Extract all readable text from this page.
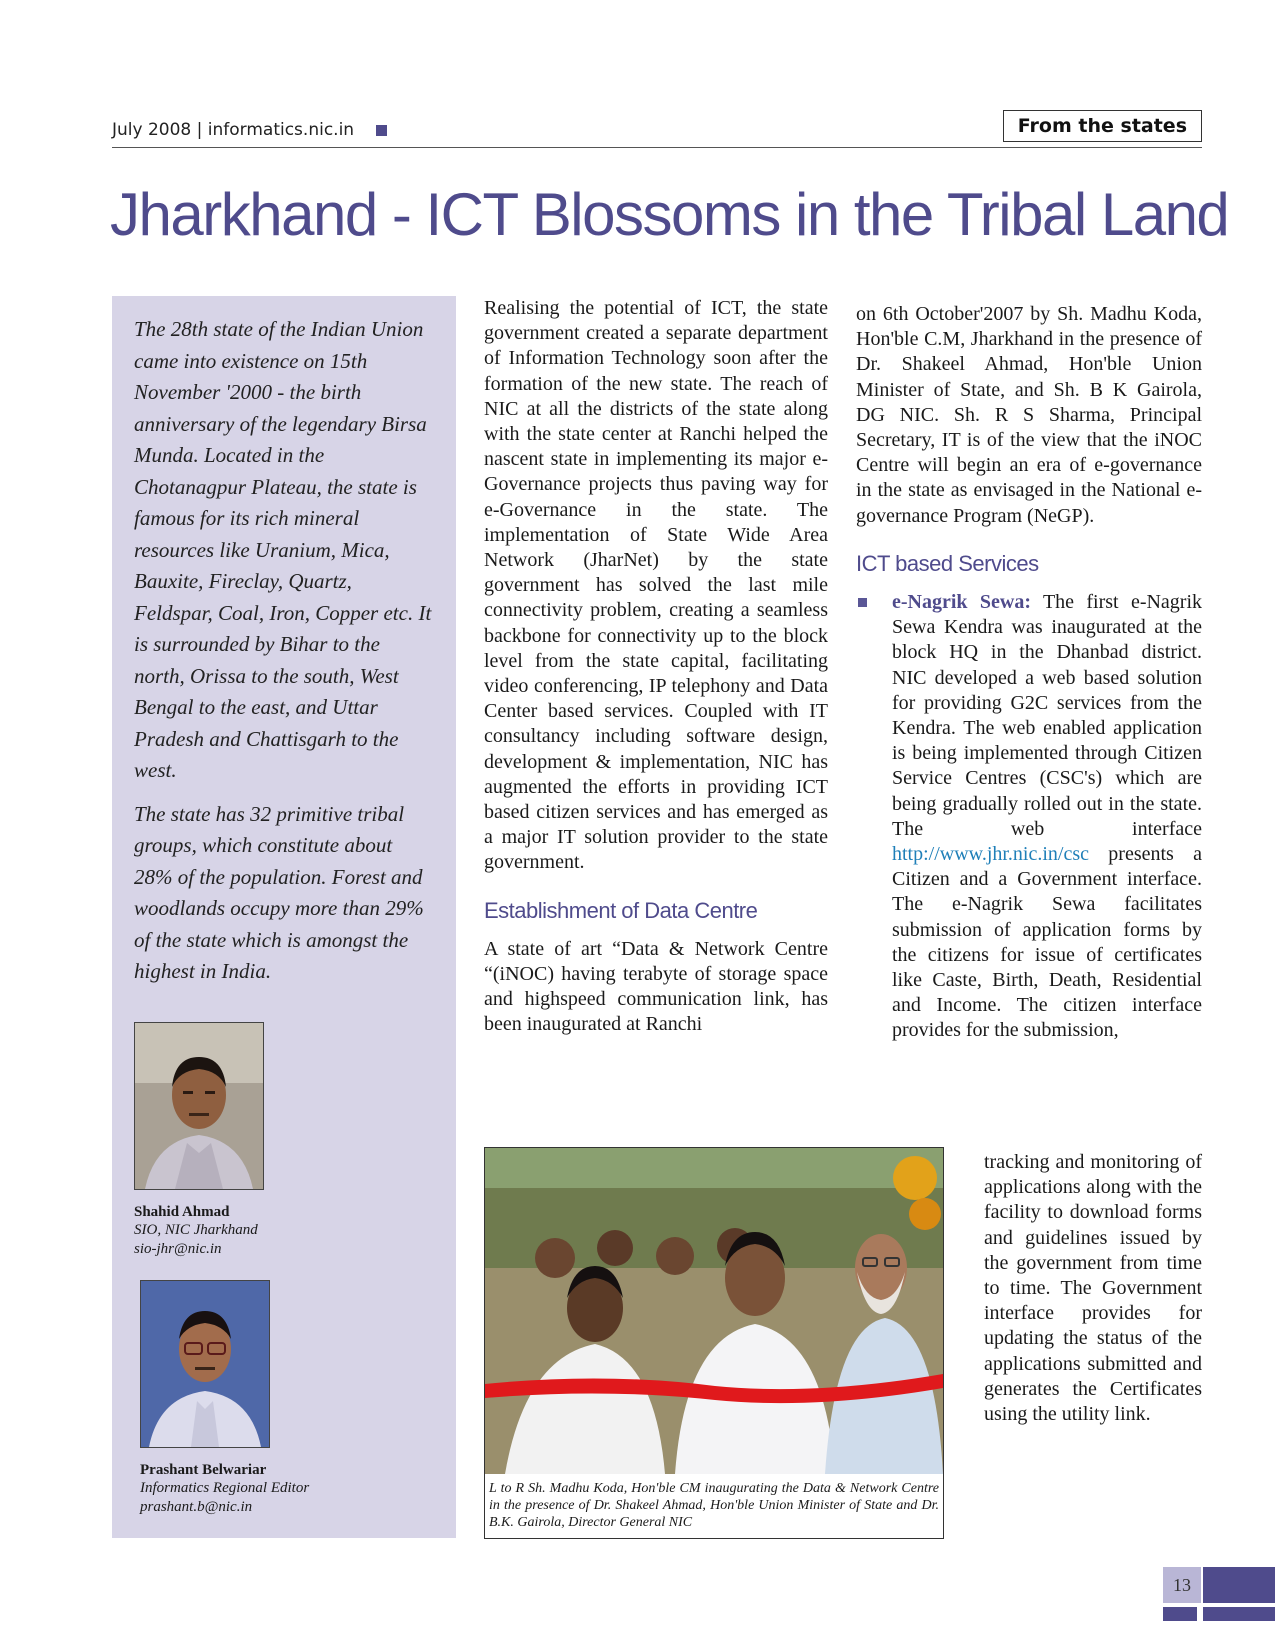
July 2008 | informatics.nic.in	From the states
Jharkhand - ICT Blossoms in the Tribal Land

The 28th state of the Indian Union came into existence on 15th November '2000 - the birth anniversary of the legendary Birsa Munda. Located in the Chotanagpur Plateau, the state is famous for its rich mineral resources like Uranium, Mica, Bauxite, Fireclay, Quartz, Feldspar, Coal, Iron, Copper etc. It is surrounded by Bihar to the north, Orissa to the south, West Bengal to the east, and Uttar Pradesh and Chattisgarh to the west.

The state has 32 primitive tribal groups, which constitute about 28% of the population. Forest and woodlands occupy more than 29% of the state which is amongst the highest in India.

Shahid Ahmad
SIO, NIC Jharkhand
sio-jhr@nic.in
Prashant Belwariar
Informatics Regional Editor
prashant.b@nic.in

Realising the potential of ICT, the state government created a separate department of Information Technology soon after the formation of the new state. The reach of NIC at all the districts of the state along with the state center at Ranchi helped the nascent state in implementing its major e-Governance projects thus paving way for e-Governance in the state. The implementation of State Wide Area Network (JharNet) by the state government has solved the last mile connectivity problem, creating a seamless backbone for connectivity up to the block level from the state capital, facilitating video conferencing, IP telephony and Data Center based services. Coupled with IT consultancy including software design, development & implementation, NIC has augmented the efforts in providing ICT based citizen services and has emerged as a major IT solution provider to the state government.

Establishment of Data Centre

A state of art “Data & Network Centre “(iNOC) having terabyte of storage space and highspeed communication link, has been inaugurated at Ranchi

on 6th October'2007 by Sh. Madhu Koda, Hon'ble C.M, Jharkhand in the presence of Dr. Shakeel Ahmad, Hon'ble Union Minister of State, and Sh. B K Gairola, DG NIC. Sh. R S Sharma, Principal Secretary, IT is of the view that the iNOC Centre will begin an era of e-governance in the state as envisaged in the National e-governance Program (NeGP).

ICT based Services
e-Nagrik Sewa: The first e-Nagrik Sewa Kendra was inaugurated at the block HQ in the Dhanbad district. NIC developed a web based solution for providing G2C services from the Kendra. The web enabled application is being implemented through Citizen Service Centres (CSC's) which are being gradually rolled out in the state. The web interface http://www.jhr.nic.in/csc presents a Citizen and a Government interface. The e-Nagrik Sewa facilitates submission of application forms by the citizens for issue of certificates like Caste, Birth, Death, Residential and Income. The citizen interface provides for the submission,

tracking and monitoring of applications along with the facility to download forms and guidelines issued by the government from time to time. The Government interface provides for updating the status of the applications submitted and generates the Certificates using the utility link.

L to R Sh. Madhu Koda, Hon'ble CM inaugurating the Data & Network Centre in the presence of Dr. Shakeel Ahmad, Hon'ble Union Minister of State and Dr. B.K. Gairola, Director General NIC
13
